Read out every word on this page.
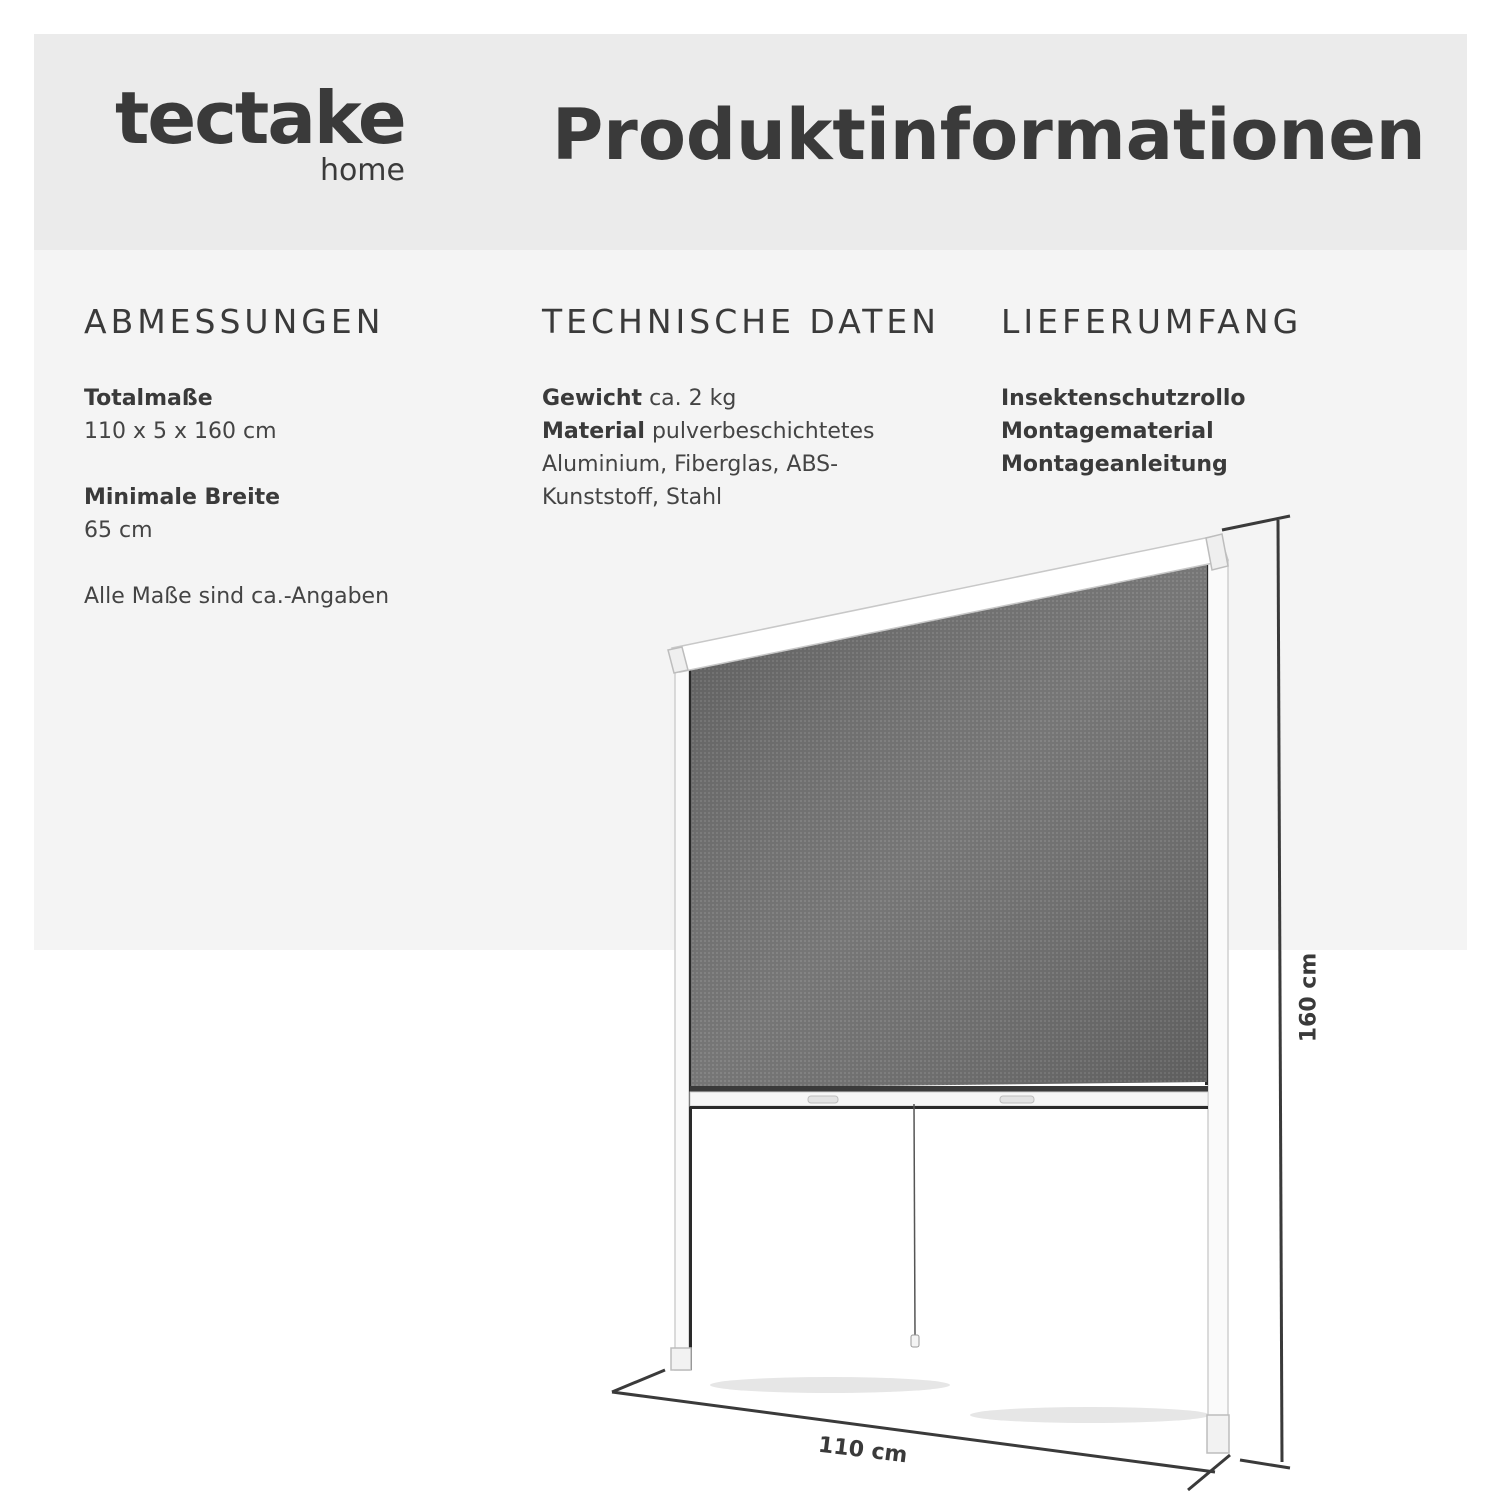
tectake
home Produktinformationen
ABMESSUNGEN

Totalmaße

110 x 5 x 160 cm

Minimale Breite

65 cm

Alle Maße sind ca.-Angaben

TECHNISCHE DATEN

Gewicht ca. 2 kg

Material pulverbeschichtetes Aluminium, Fiberglas, ABS-Kunststoff, Stahl

LIEFERUMFANG

Insektenschutzrollo

Montagematerial

Montageanleitung

110 cm
160 cm
